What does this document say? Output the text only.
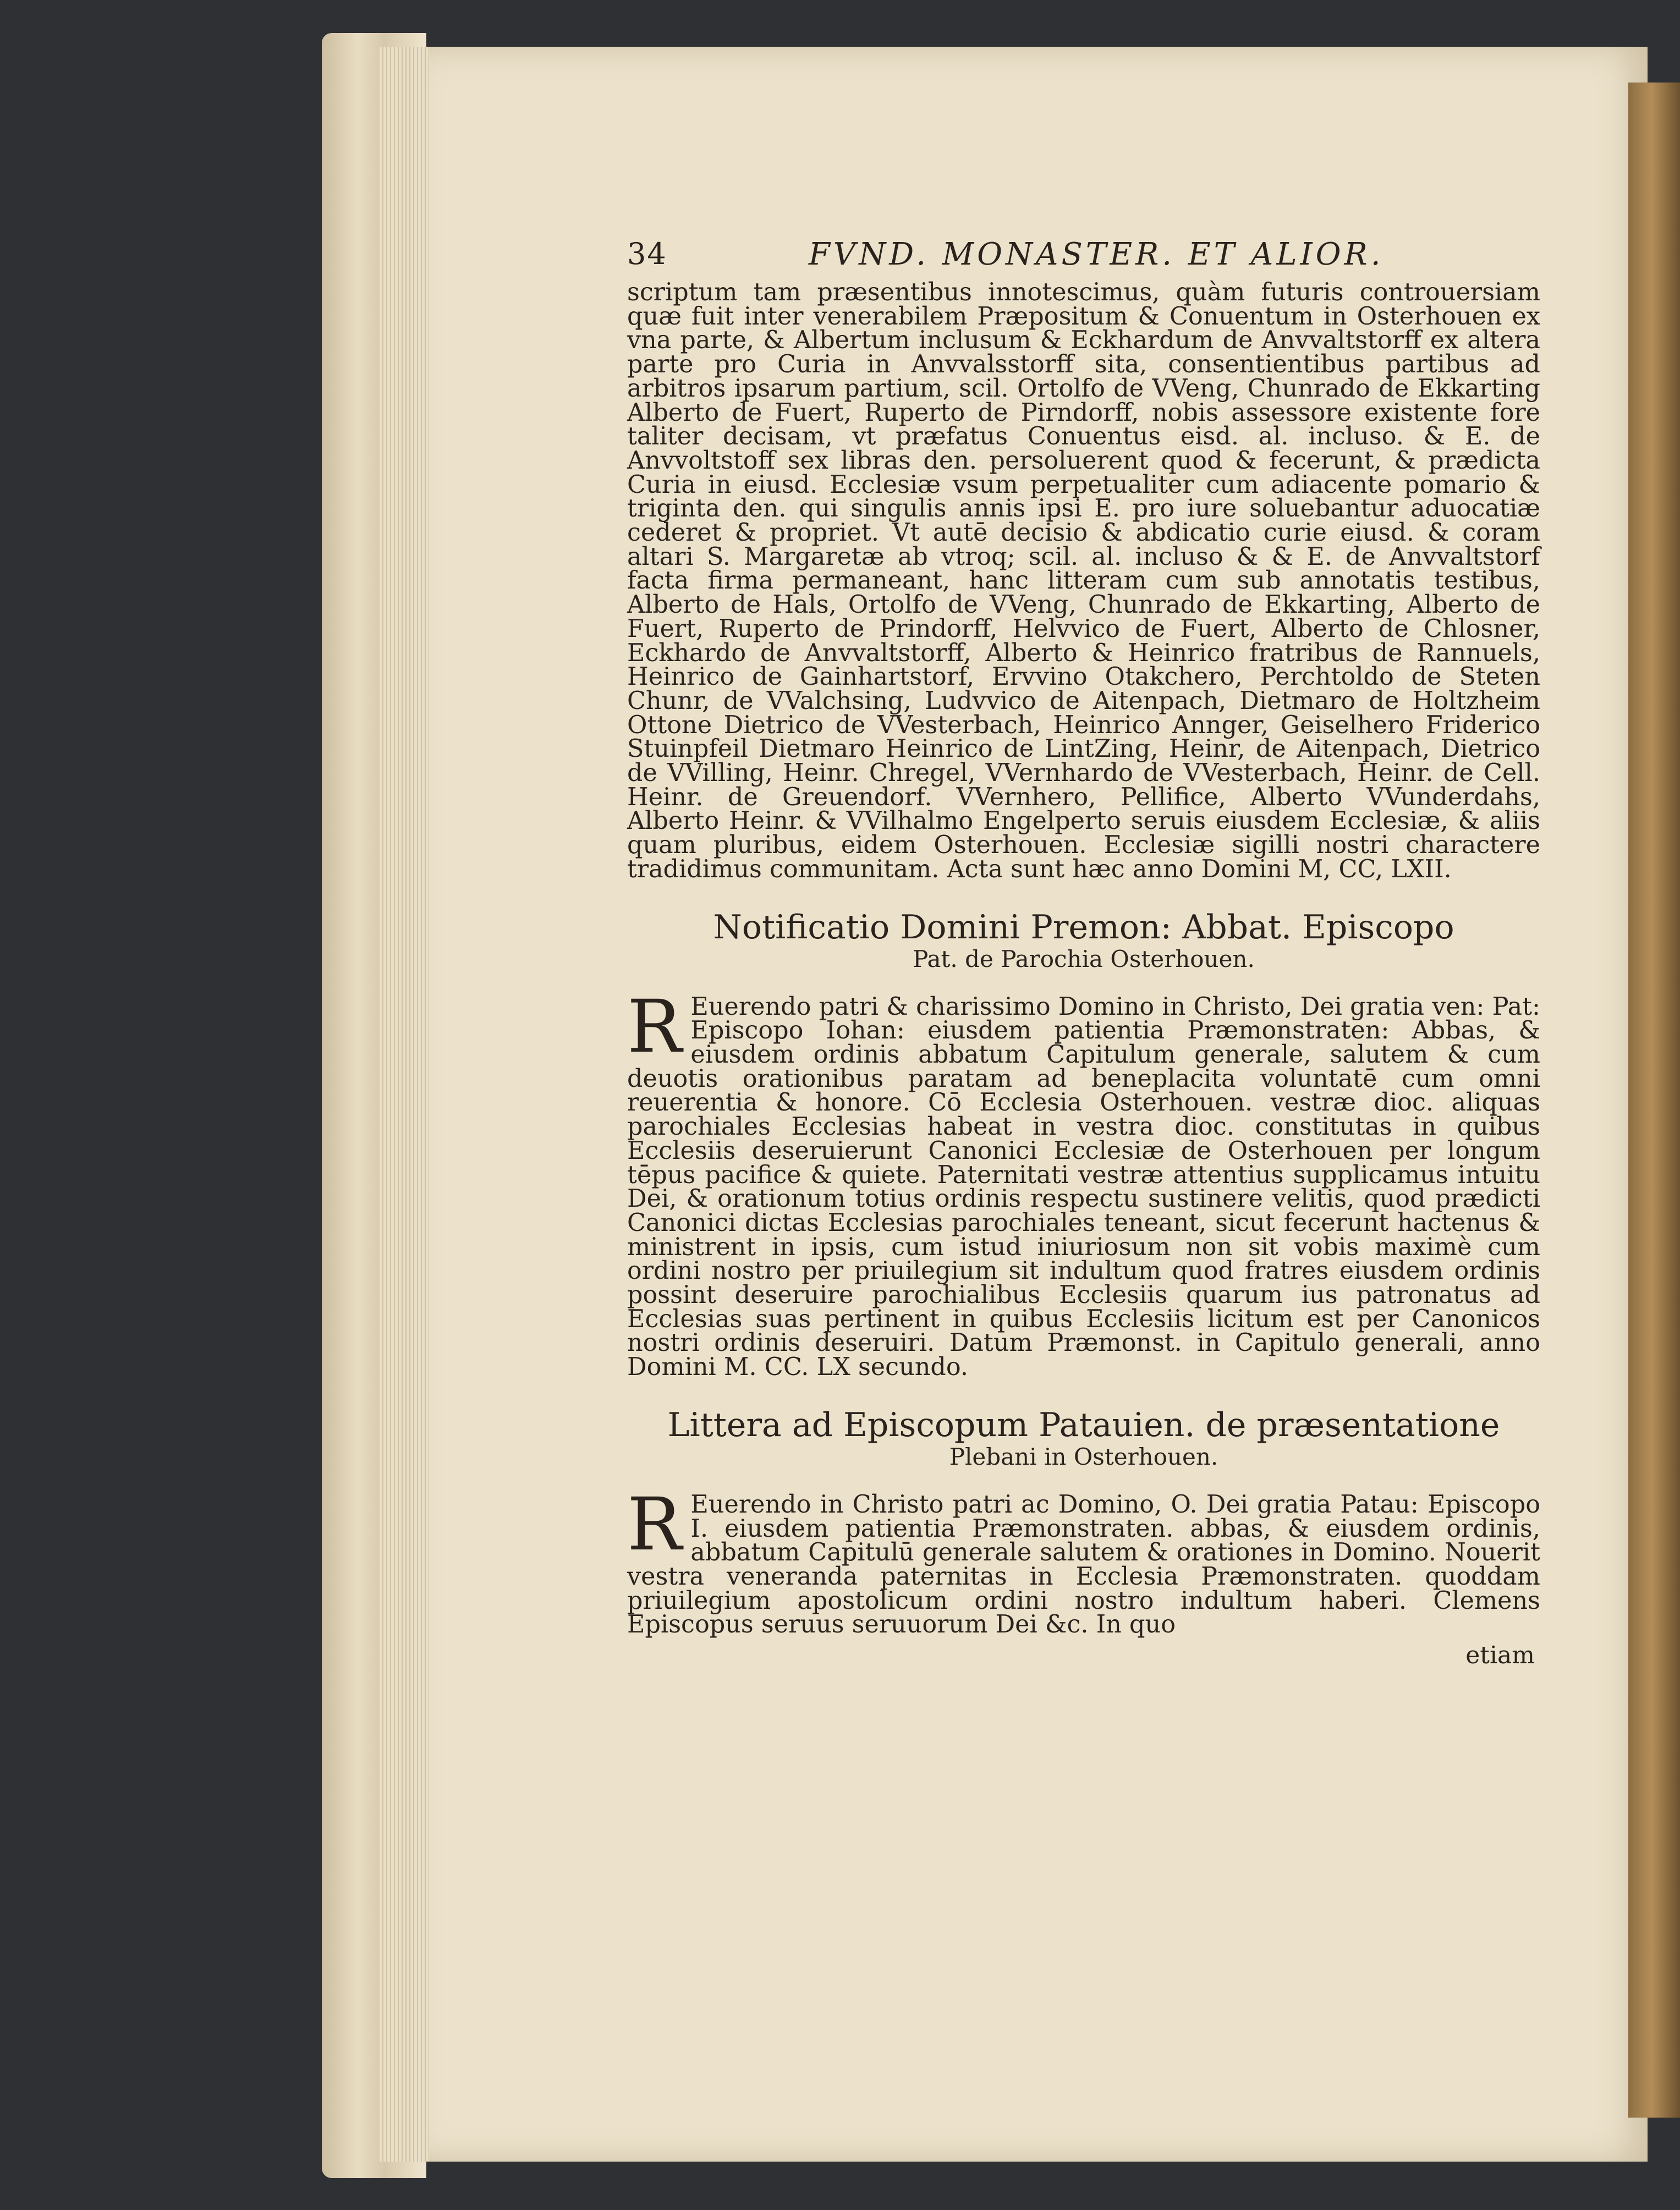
34	FVND. MONASTER. ET ALIOR.

scriptum tam præsentibus innotescimus, quàm futuris controuersiam quæ fuit inter venerabilem Præpositum & Conuentum in Osterhouen ex vna parte, & Albertum inclusum & Eckhardum de Anvvaltstorff ex altera parte pro Curia in Anvvalsstorff sita, consentientibus partibus ad arbitros ipsarum partium, scil. Ortolfo de VVeng, Chunrado de Ekkarting Alberto de Fuert, Ruperto de Pirndorff, nobis assessore existente fore taliter decisam, vt præfatus Conuentus eisd. al. incluso. & E. de Anvvoltstoff sex libras den. persoluerent quod & fecerunt, & prædicta Curia in eiusd. Ecclesiæ vsum perpetualiter cum adiacente pomario & triginta den. qui singulis annis ipsi E. pro iure soluebantur aduocatiæ cederet & propriet. Vt autē decisio & abdicatio curie eiusd. & coram altari S. Margaretæ ab vtroq; scil. al. incluso & & E. de Anvvaltstorf facta firma permaneant, hanc litteram cum sub annotatis testibus, Alberto de Hals, Ortolfo de VVeng, Chunrado de Ekkarting, Alberto de Fuert, Ruperto de Prindorff, Helvvico de Fuert, Alberto de Chlosner, Eckhardo de Anvvaltstorff, Alberto & Heinrico fratribus de Rannuels, Heinrico de Gainhartstorf, Ervvino Otakchero, Perchtoldo de Steten Chunr, de VValchsing, Ludvvico de Aitenpach, Dietmaro de Holtzheim Ottone Dietrico de VVesterbach, Heinrico Annger, Geiselhero Friderico Stuinpfeil Dietmaro Heinrico de LintZing, Heinr, de Aitenpach, Dietrico de VVilling, Heinr. Chregel, VVernhardo de VVesterbach, Heinr. de Cell. Heinr. de Greuendorf. VVernhero, Pellifice, Alberto VVunderdahs, Alberto Heinr. & VVilhalmo Engelperto seruis eiusdem Ecclesiæ, & aliis quam pluribus, eidem Osterhouen. Ecclesiæ sigilli nostri charactere tradidimus communitam. Acta sunt hæc anno Domini M, CC, LXII.

Notificatio Domini Premon: Abbat. Episcopo

Pat. de Parochia Osterhouen.

R Euerendo patri & charissimo Domino in Christo, Dei gratia ven: Pat: Episcopo Iohan: eiusdem patientia Præmonstraten: Abbas, & eiusdem ordinis abbatum Capitulum generale, salutem & cum deuotis orationibus paratam ad beneplacita voluntatē cum omni reuerentia & honore. Cō Ecclesia Osterhouen. vestræ dioc. aliquas parochiales Ecclesias habeat in vestra dioc. constitutas in quibus Ecclesiis deseruierunt Canonici Ecclesiæ de Osterhouen per longum tēpus pacifice & quiete. Paternitati vestræ attentius supplicamus intuitu Dei, & orationum totius ordinis respectu sustinere velitis, quod prædicti Canonici dictas Ecclesias parochiales teneant, sicut fecerunt hactenus & ministrent in ipsis, cum istud iniuriosum non sit vobis maximè cum ordini nostro per priuilegium sit indultum quod fratres eiusdem ordinis possint deseruire parochialibus Ecclesiis quarum ius patronatus ad Ecclesias suas pertinent in quibus Ecclesiis licitum est per Canonicos nostri ordinis deseruiri. Datum Præmonst. in Capitulo generali, anno Domini M. CC. LX secundo.

Littera ad Episcopum Patauien. de præsentatione

Plebani in Osterhouen.

R Euerendo in Christo patri ac Domino, O. Dei gratia Patau: Episcopo I. eiusdem patientia Præmonstraten. abbas, & eiusdem ordinis, abbatum Capitulū generale salutem & orationes in Domino. Nouerit vestra veneranda paternitas in Ecclesia Præmonstraten. quoddam priuilegium apostolicum ordini nostro indultum haberi. Clemens Episcopus seruus seruuorum Dei &c. In quo

etiam
